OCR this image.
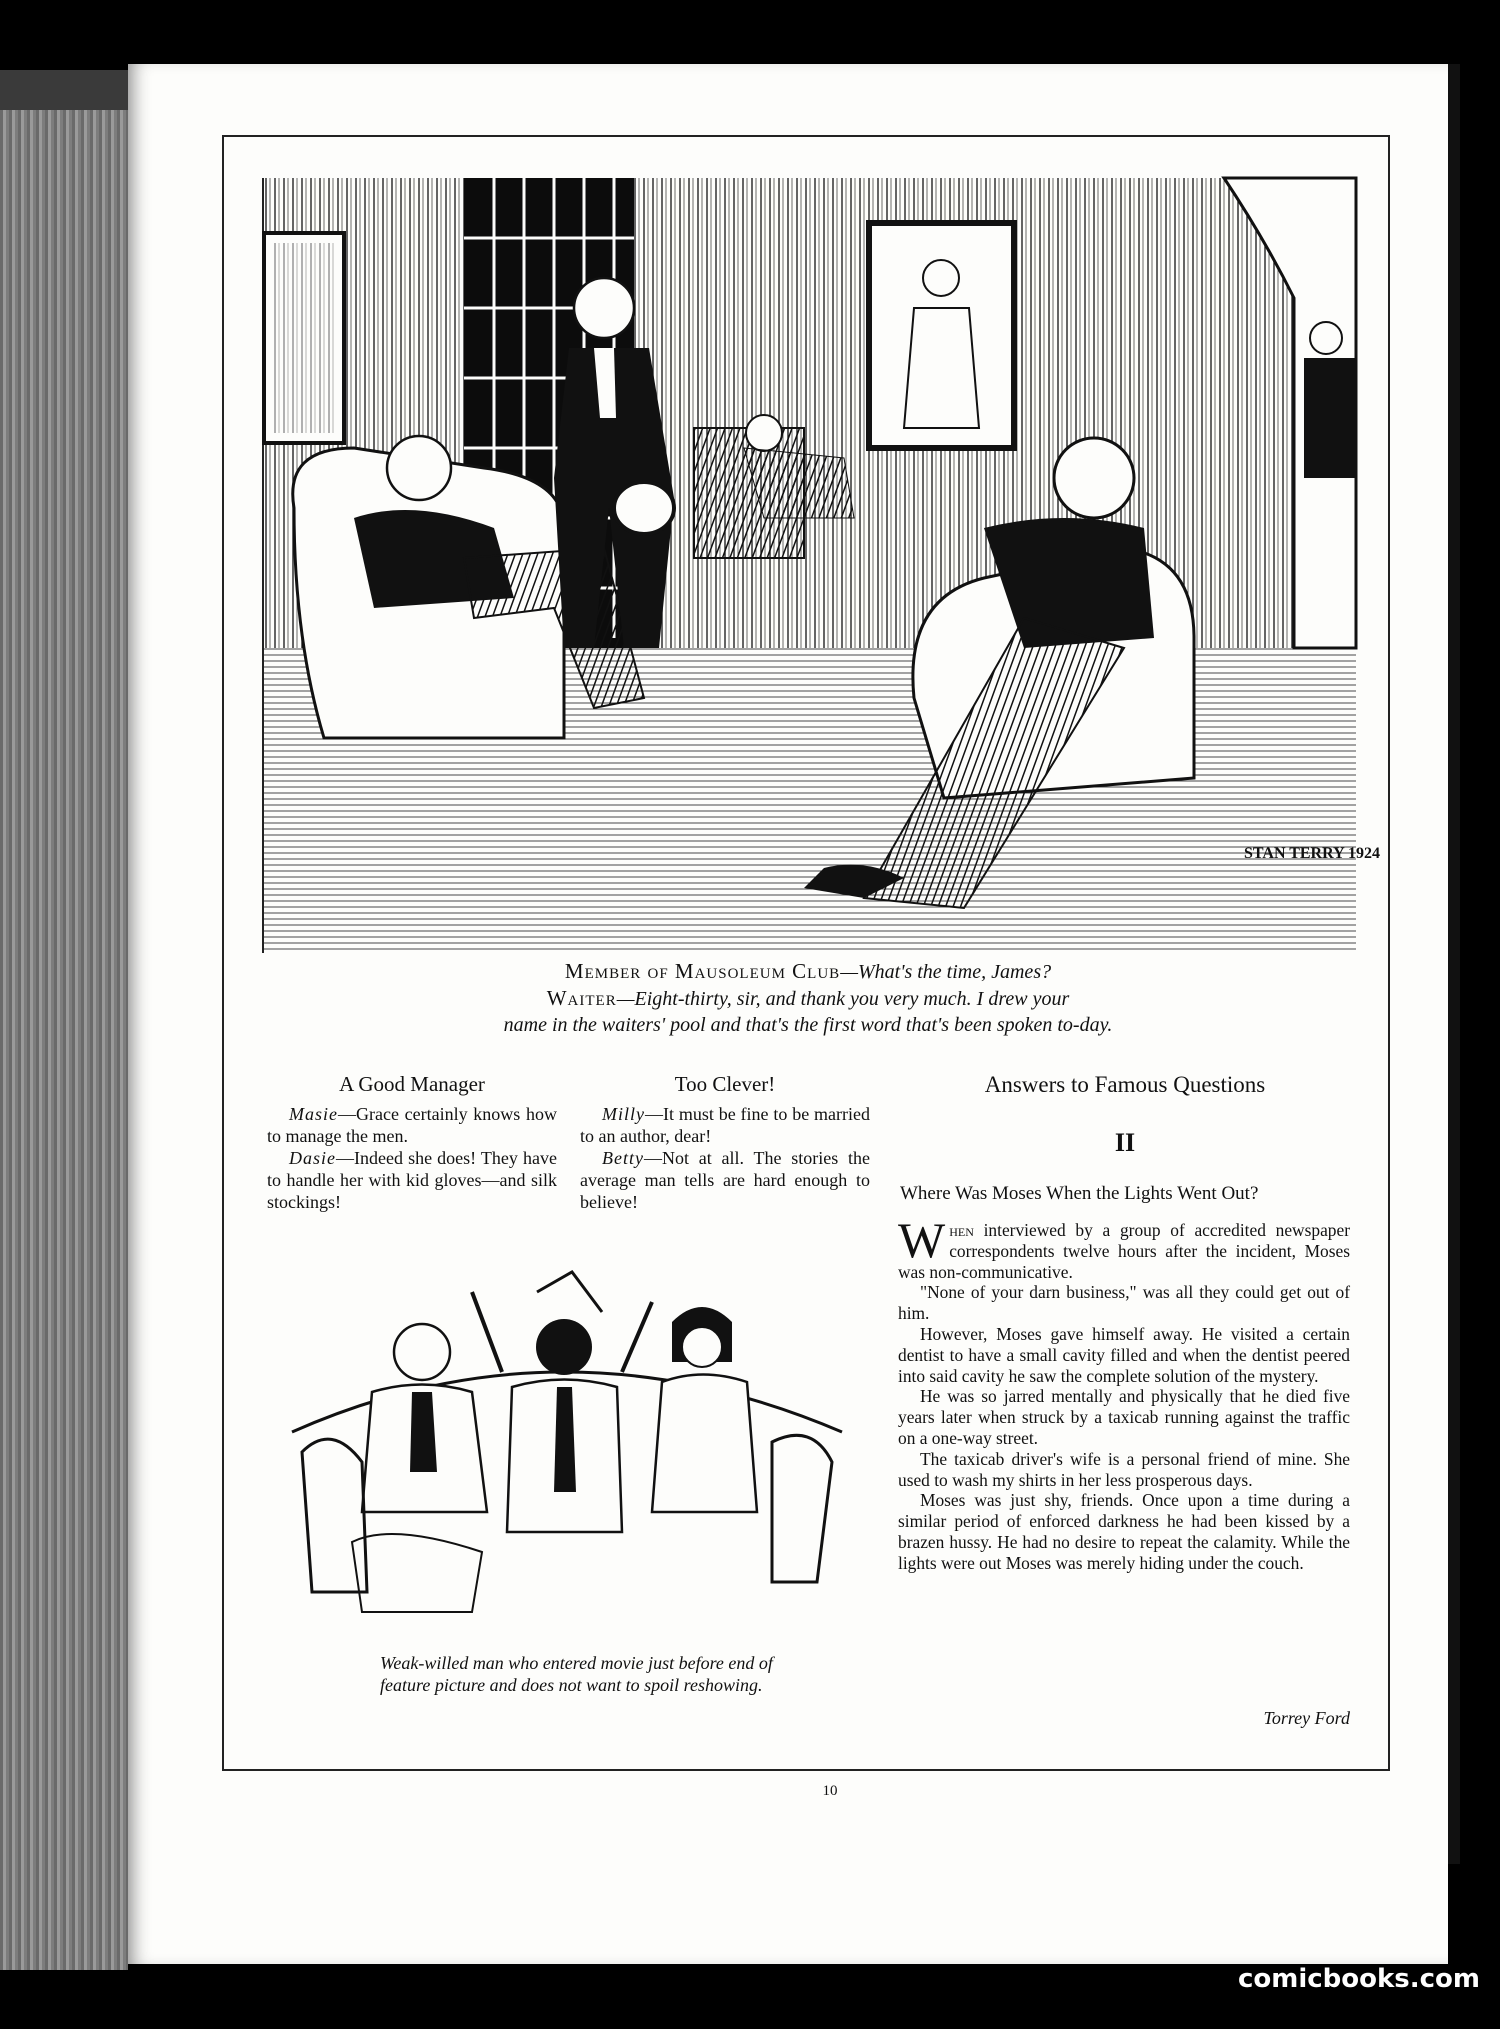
STAN TERRY 1924
Member of Mausoleum Club—What's the time, James?
Waiter—Eight-thirty, sir, and thank you very much. I drew your
name in the waiters' pool and that's the first word that's been spoken to-day.
A Good Manager
Masie—Grace certainly knows how to manage the men.
Dasie—Indeed she does! They have to handle her with kid gloves—and silk stockings!
Too Clever!
Milly—It must be fine to be married to an author, dear!
Betty—Not at all. The stories the average man tells are hard enough to believe!
Weak-willed man who entered movie just before end of feature picture and does not want to spoil reshowing.
Answers to Famous Questions
II
Where Was Moses When the Lights Went Out?

When interviewed by a group of accredited newspaper correspondents twelve hours after the incident, Moses was non-communicative.

"None of your darn business," was all they could get out of him.

However, Moses gave himself away. He visited a certain dentist to have a small cavity filled and when the dentist peered into said cavity he saw the complete solution of the mystery.

He was so jarred mentally and physically that he died five years later when struck by a taxicab running against the traffic on a one-way street.

The taxicab driver's wife is a personal friend of mine. She used to wash my shirts in her less prosperous days.

Moses was just shy, friends. Once upon a time during a similar period of enforced darkness he had been kissed by a brazen hussy. He had no desire to repeat the calamity. While the lights were out Moses was merely hiding under the couch.

Torrey Ford
10
comicbooks.com
